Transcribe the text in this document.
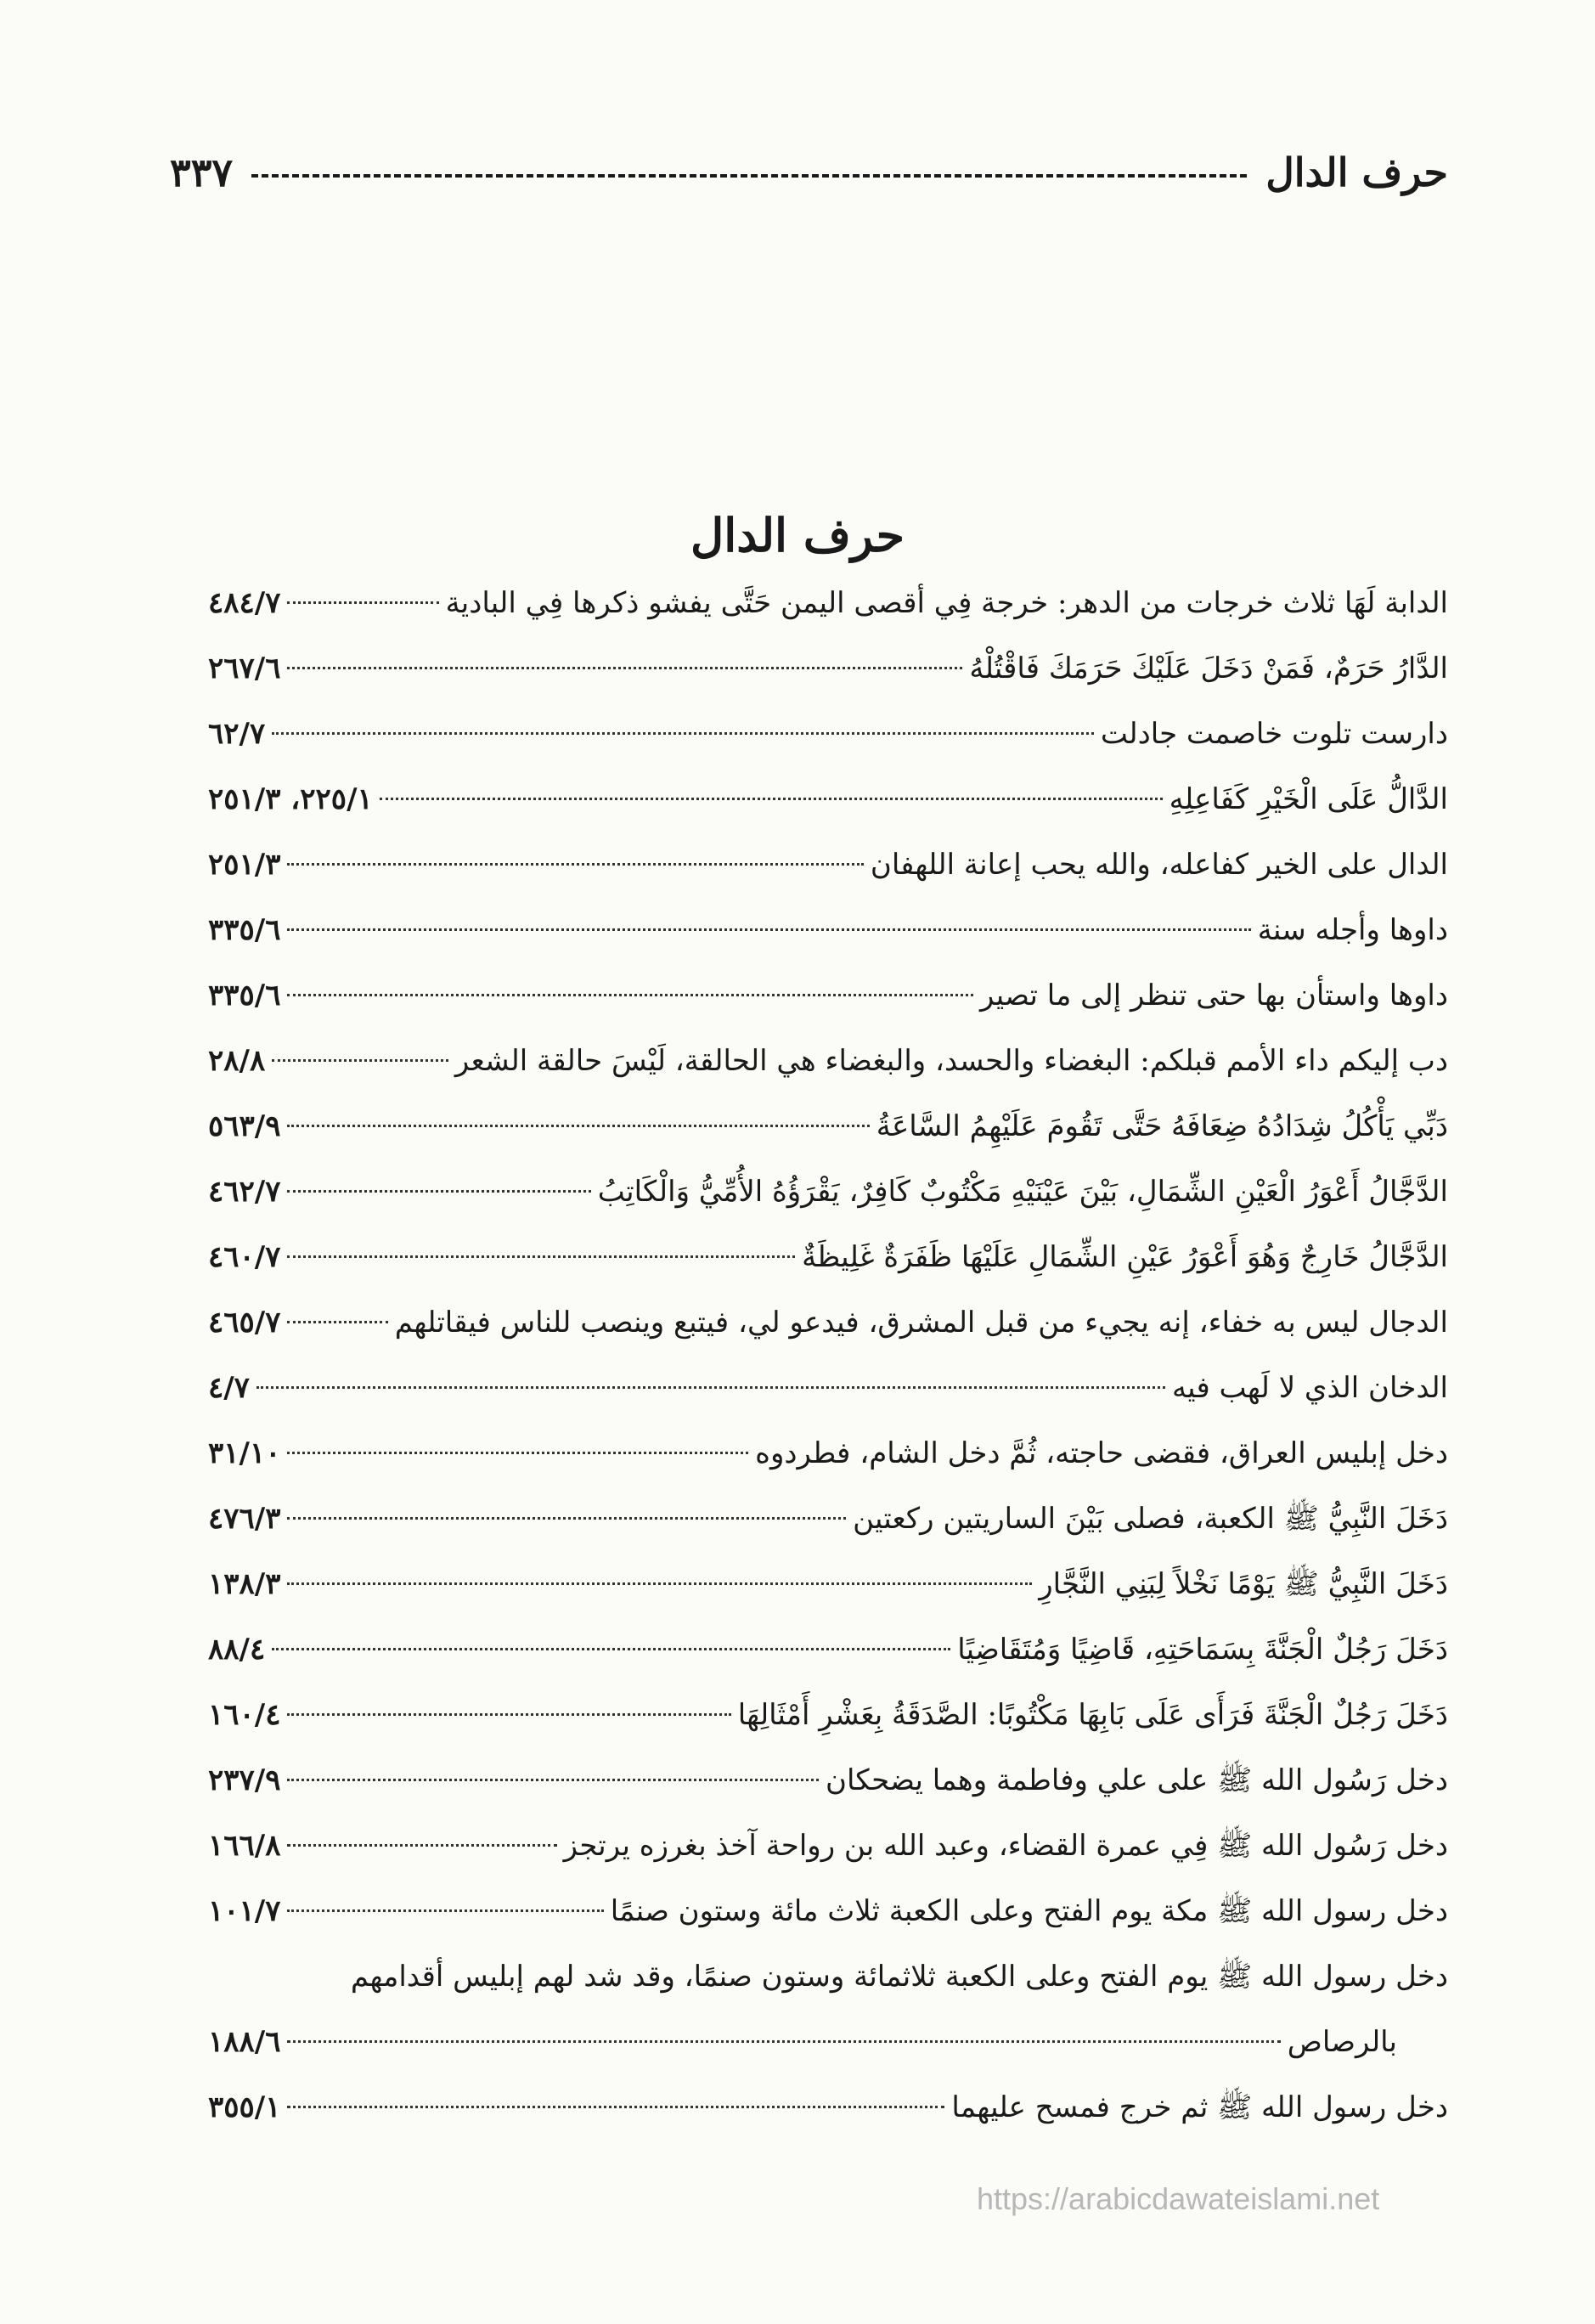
حرف الدال
٣٣٧
حرف الدال
الدابة لَهَا ثلاث خرجات من الدهر: خرجة فِي أقصى اليمن حَتَّى يفشو ذكرها فِي البادية
٤٨٤/٧
الدَّارُ حَرَمٌ، فَمَنْ دَخَلَ عَلَيْكَ حَرَمَكَ فَاقْتُلْهُ
٢٦٧/٦
دارست تلوت خاصمت جادلت
٦٢/٧
الدَّالُّ عَلَى الْخَيْرِ كَفَاعِلِهِ
٢٢٥/١، ٢٥١/٣
الدال على الخير كفاعله، والله يحب إعانة اللهفان
٢٥١/٣
داوها وأجله سنة
٣٣٥/٦
داوها واستأن بها حتى تنظر إلى ما تصير
٣٣٥/٦
دب إليكم داء الأمم قبلكم: البغضاء والحسد، والبغضاء هي الحالقة، لَيْسَ حالقة الشعر
٢٨/٨
دَبِّي يَأْكُلُ شِدَادُهُ ضِعَافَهُ حَتَّى تَقُومَ عَلَيْهِمُ السَّاعَةُ
٥٦٣/٩
الدَّجَّالُ أَعْوَرُ الْعَيْنِ الشِّمَالِ، بَيْنَ عَيْنَيْهِ مَكْتُوبٌ كَافِرٌ، يَقْرَؤُهُ الأُمِّيُّ وَالْكَاتِبُ
٤٦٢/٧
الدَّجَّالُ خَارِجٌ وَهُوَ أَعْوَرُ عَيْنِ الشِّمَالِ عَلَيْهَا ظَفَرَةٌ غَلِيظَةٌ
٤٦٠/٧
الدجال ليس به خفاء، إنه يجيء من قبل المشرق، فيدعو لي، فيتبع وينصب للناس فيقاتلهم
٤٦٥/٧
الدخان الذي لا لَهب فيه
٤/٧
دخل إبليس العراق، فقضى حاجته، ثُمَّ دخل الشام، فطردوه
٣١/١٠
دَخَلَ النَّبِيُّ ﷺ الكعبة، فصلى بَيْنَ الساريتين ركعتين
٤٧٦/٣
دَخَلَ النَّبِيُّ ﷺ يَوْمًا نَخْلاً لِبَنِي النَّجَّارِ
١٣٨/٣
دَخَلَ رَجُلٌ الْجَنَّةَ بِسَمَاحَتِهِ، قَاضِيًا وَمُتَقَاضِيًا
٨٨/٤
دَخَلَ رَجُلٌ الْجَنَّةَ فَرَأَى عَلَى بَابِهَا مَكْتُوبًا: الصَّدَقَةُ بِعَشْرِ أَمْثَالِهَا
١٦٠/٤
دخل رَسُول الله ﷺ على علي وفاطمة وهما يضحكان
٢٣٧/٩
دخل رَسُول الله ﷺ فِي عمرة القضاء، وعبد الله بن رواحة آخذ بغرزه يرتجز
١٦٦/٨
دخل رسول الله ﷺ مكة يوم الفتح وعلى الكعبة ثلاث مائة وستون صنمًا
١٠١/٧
دخل رسول الله ﷺ يوم الفتح وعلى الكعبة ثلاثمائة وستون صنمًا، وقد شد لهم إبليس أقدامهم
بالرصاص
١٨٨/٦
دخل رسول الله ﷺ ثم خرج فمسح عليهما
٣٥٥/١
https://arabicdawateislami.net
